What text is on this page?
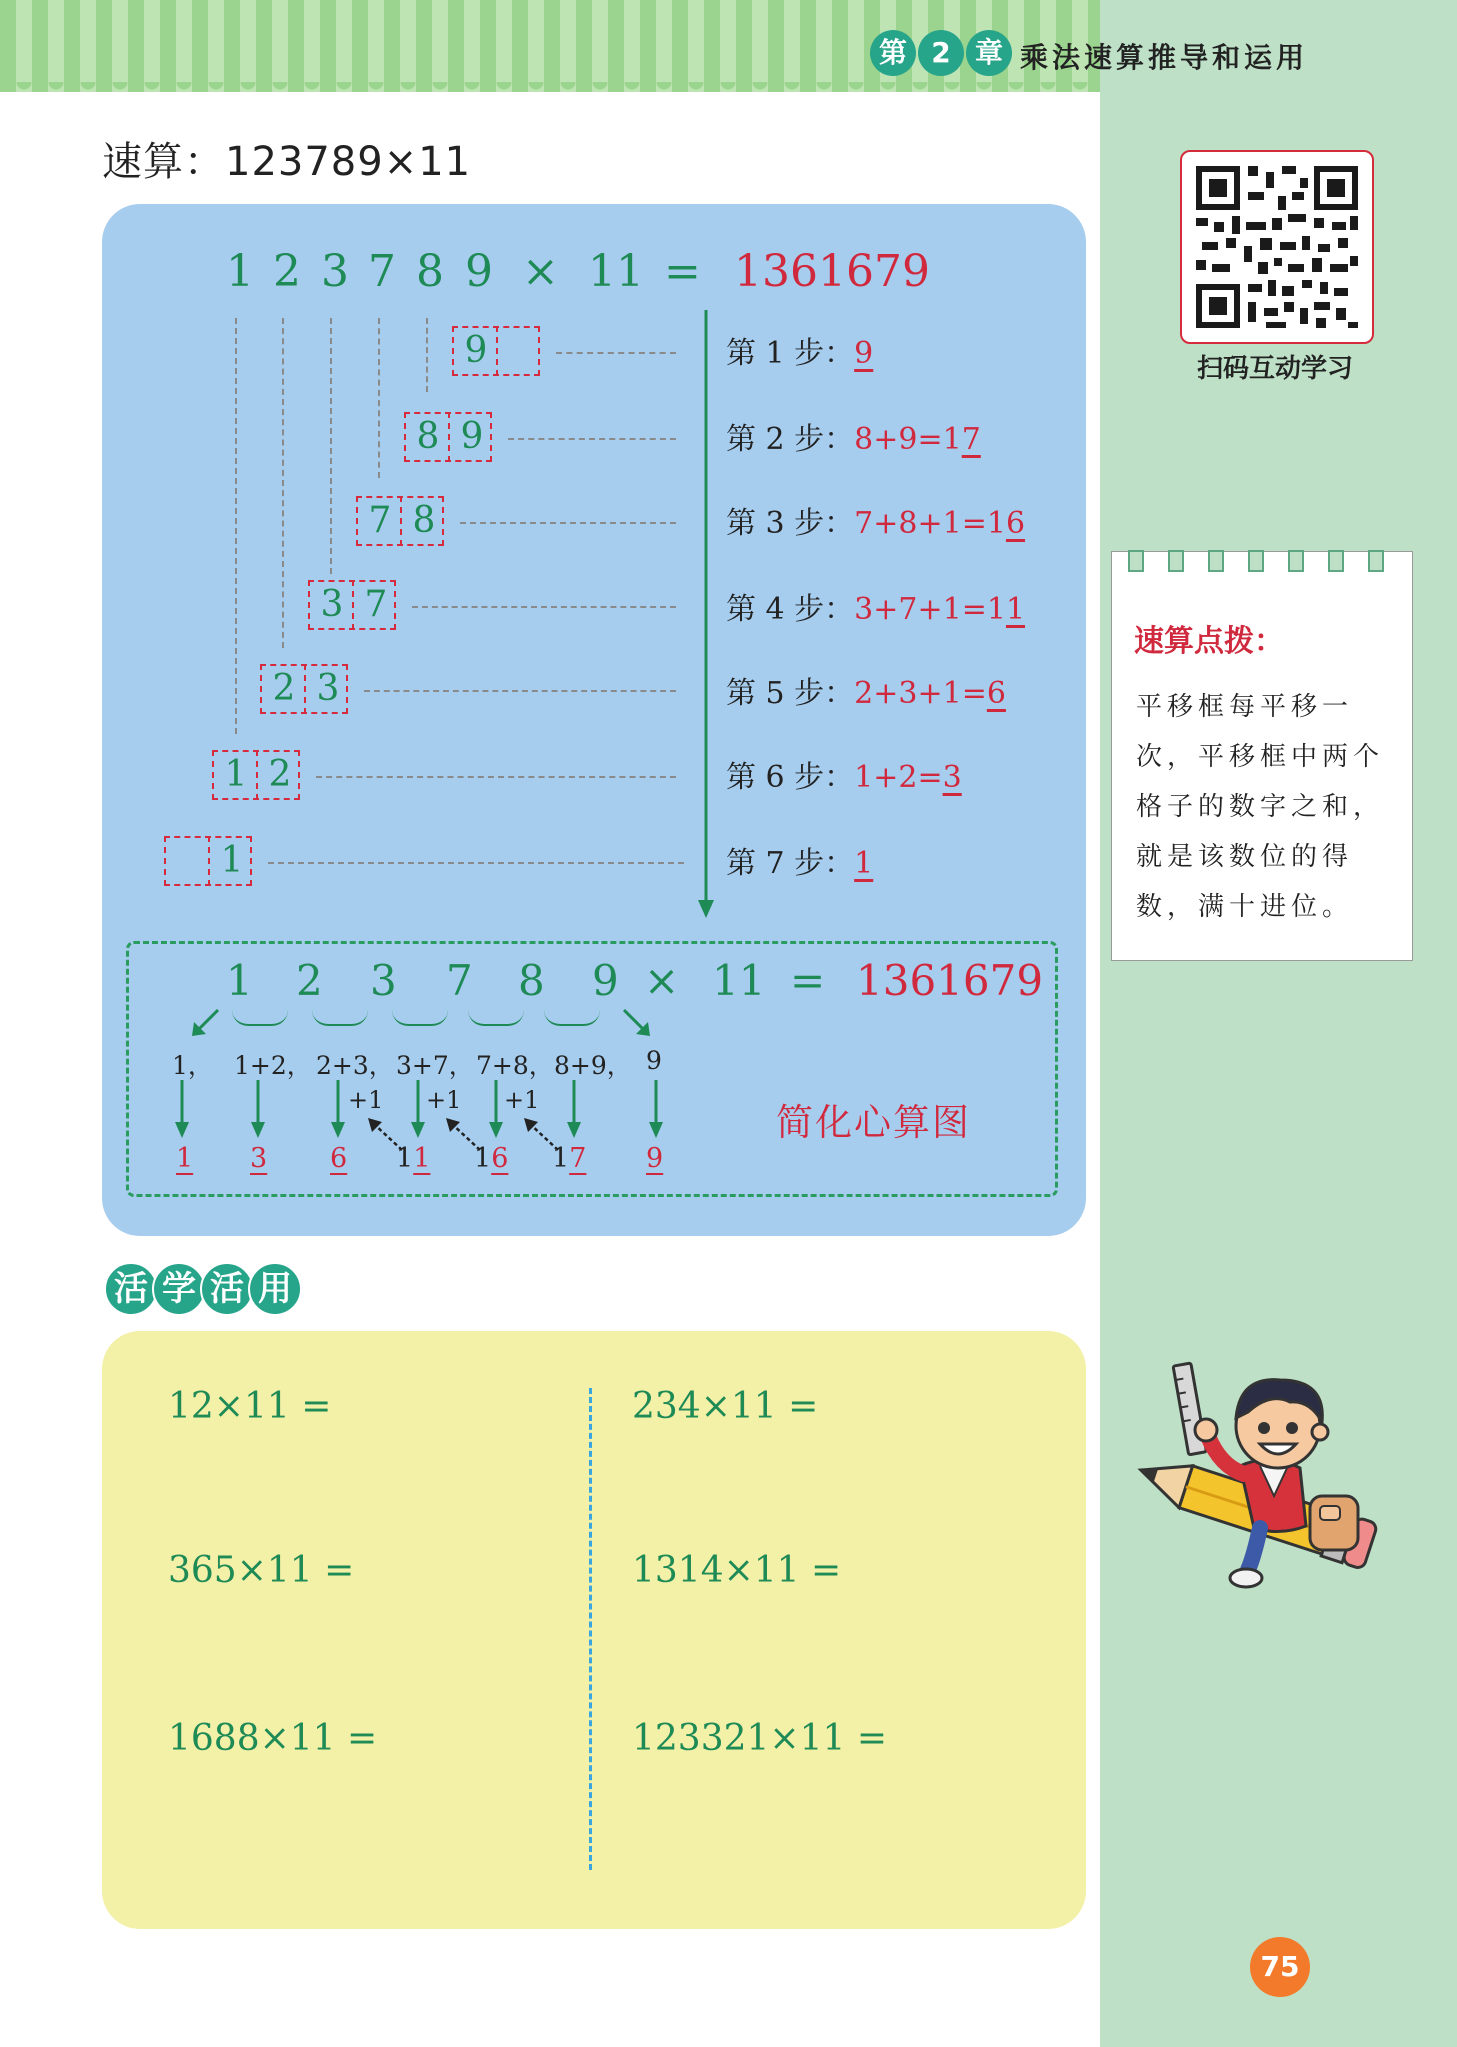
第 2 章 乘法速算推导和运用
速算：123789×11
1 2 3 7 8 9 × 11 = 1361679
9
8 9
7 8
3 7
2 3
1 2
1
第 1 步：9
第 2 步：8+9=17
第 3 步：7+8+1=16
第 4 步：3+7+1=11
第 5 步：2+3+1=6
第 6 步：1+2=3
第 7 步：1
1 2 3 7 8 9 × 11 = 1361679
1， 1+2， 2+3， 3+7， 7+8， 8+9， 9
+1 +1 +1
1 3 6 11 16 17 9
简化心算图
活 学 活 用
12×11 =
365×11 =
1688×11 =
234×11 =
1314×11 =
123321×11 =
扫码互动学习
速算点拨：
平移框每平移一次，平移框中两个格子的数字之和，就是该数位的得数，满十进位。
75
